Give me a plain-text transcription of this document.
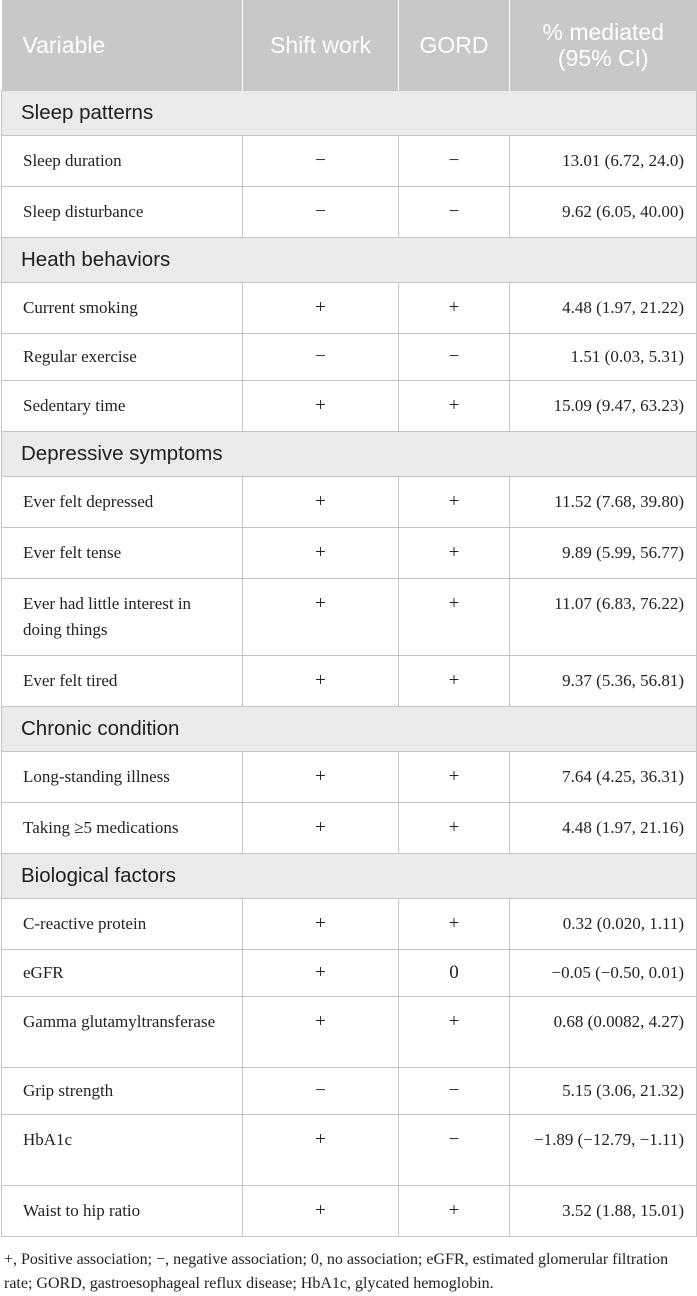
Variable	Shift work	GORD	% mediated (95% CI)
Sleep patterns			
Sleep duration	−	−	13.01 (6.72, 24.0)
Sleep disturbance	−	−	9.62 (6.05, 40.00)
Heath behaviors			
Current smoking	+	+	4.48 (1.97, 21.22)
Regular exercise	−	−	1.51 (0.03, 5.31)
Sedentary time	+	+	15.09 (9.47, 63.23)
Depressive symptoms			
Ever felt depressed	+	+	11.52 (7.68, 39.80)
Ever felt tense	+	+	9.89 (5.99, 56.77)
Ever had little interest in doing things	+	+	11.07 (6.83, 76.22)
Ever felt tired	+	+	9.37 (5.36, 56.81)
Chronic condition			
Long-standing illness	+	+	7.64 (4.25, 36.31)
Taking ≥5 medications	+	+	4.48 (1.97, 21.16)
Biological factors			
C-reactive protein	+	+	0.32 (0.020, 1.11)
eGFR	+	0	−0.05 (−0.50, 0.01)
Gamma glutamyltransferase	+	+	0.68 (0.0082, 4.27)
Grip strength	−	−	5.15 (3.06, 21.32)
HbA1c	+	−	−1.89 (−12.79, −1.11)
Waist to hip ratio	+	+	3.52 (1.88, 15.01)
+, Positive association; −, negative association; 0, no association; eGFR, estimated glomerular filtration rate; GORD, gastroesophageal reflux disease; HbA1c, glycated hemoglobin.
